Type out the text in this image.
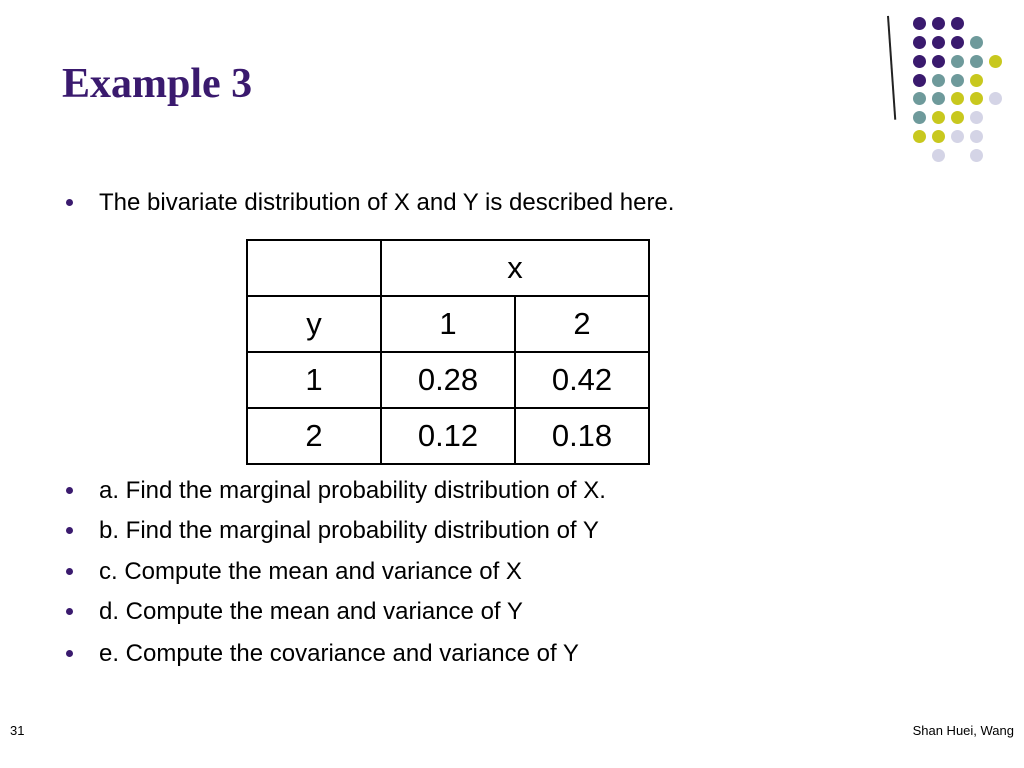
Example 3
The bivariate distribution of X and Y is described here.
	x	
y	1	2
1	0.28	0.42
2	0.12	0.18
a. Find the marginal probability distribution of X.
b. Find the marginal probability distribution of Y
c. Compute the mean and variance of X
d. Compute the mean and variance of Y
e. Compute the covariance and variance of Y
31	Shan Huei, Wang
